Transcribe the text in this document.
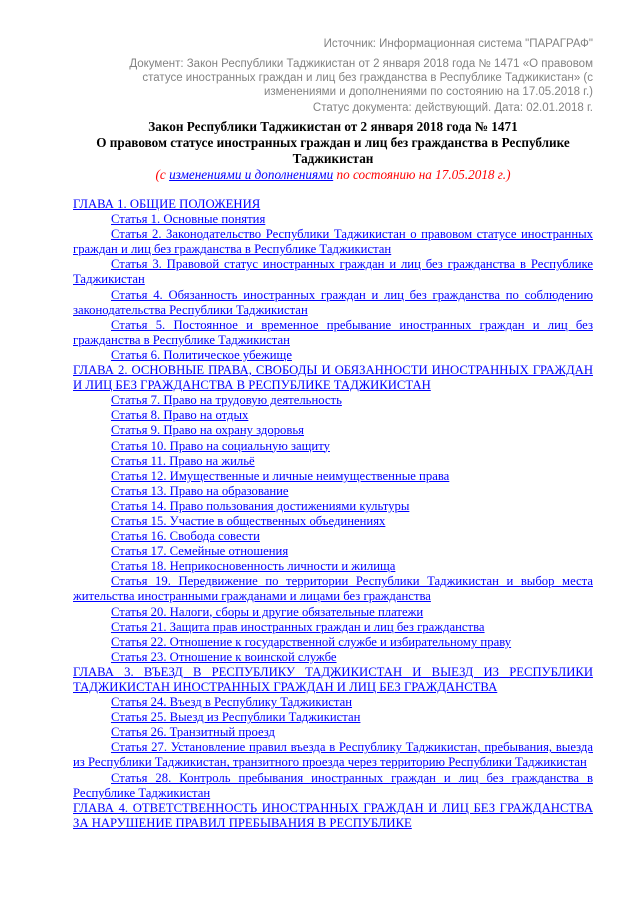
Источник: Информационная система "ПАРАГРАФ"
Документ: Закон Республики Таджикистан от 2 января 2018 года № 1471 «О правовом статусе иностранных граждан и лиц без гражданства в Республике Таджикистан» (с изменениями и дополнениями по состоянию на 17.05.2018 г.)
Статус документа: действующий. Дата: 02.01.2018 г.
Закон Республики Таджикистан от 2 января 2018 года № 1471
О правовом статусе иностранных граждан и лиц без гражданства в Республике Таджикистан
(с изменениями и дополнениями по состоянию на 17.05.2018 г.)
ГЛАВА 1. ОБЩИЕ ПОЛОЖЕНИЯ
Статья 1. Основные понятия
Статья 2. Законодательство Республики Таджикистан о правовом статусе иностранных граждан и лиц без гражданства в Республике Таджикистан
Статья 3. Правовой статус иностранных граждан и лиц без гражданства в Республике Таджикистан
Статья 4. Обязанность иностранных граждан и лиц без гражданства по соблюдению законодательства Республики Таджикистан
Статья 5. Постоянное и временное пребывание иностранных граждан и лиц без гражданства в Республике Таджикистан
Статья 6. Политическое убежище
ГЛАВА 2. ОСНОВНЫЕ ПРАВА, СВОБОДЫ И ОБЯЗАННОСТИ ИНОСТРАННЫХ ГРАЖДАН И ЛИЦ БЕЗ ГРАЖДАНСТВА В РЕСПУБЛИКЕ ТАДЖИКИСТАН
Статья 7. Право на трудовую деятельность
Статья 8. Право на отдых
Статья 9. Право на охрану здоровья
Статья 10. Право на социальную защиту
Статья 11. Право на жильё
Статья 12. Имущественные и личные неимущественные права
Статья 13. Право на образование
Статья 14. Право пользования достижениями культуры
Статья 15. Участие в общественных объединениях
Статья 16. Свобода совести
Статья 17. Семейные отношения
Статья 18. Неприкосновенность личности и жилища
Статья 19. Передвижение по территории Республики Таджикистан и выбор места жительства иностранными гражданами и лицами без гражданства
Статья 20. Налоги, сборы и другие обязательные платежи
Статья 21. Защита прав иностранных граждан и лиц без гражданства
Статья 22. Отношение к государственной службе и избирательному праву
Статья 23. Отношение к воинской службе
ГЛАВА 3. ВЪЕЗД В РЕСПУБЛИКУ ТАДЖИКИСТАН И ВЫЕЗД ИЗ РЕСПУБЛИКИ ТАДЖИКИСТАН ИНОСТРАННЫХ ГРАЖДАН И ЛИЦ БЕЗ ГРАЖДАНСТВА
Статья 24. Въезд в Республику Таджикистан
Статья 25. Выезд из Республики Таджикистан
Статья 26. Транзитный проезд
Статья 27. Установление правил въезда в Республику Таджикистан, пребывания, выезда из Республики Таджикистан, транзитного проезда через территорию Республики Таджикистан
Статья 28. Контроль пребывания иностранных граждан и лиц без гражданства в Республике Таджикистан
ГЛАВА 4. ОТВЕТСТВЕННОСТЬ ИНОСТРАННЫХ ГРАЖДАН И ЛИЦ БЕЗ ГРАЖДАНСТВА ЗА НАРУШЕНИЕ ПРАВИЛ ПРЕБЫВАНИЯ В РЕСПУБЛИКЕ
